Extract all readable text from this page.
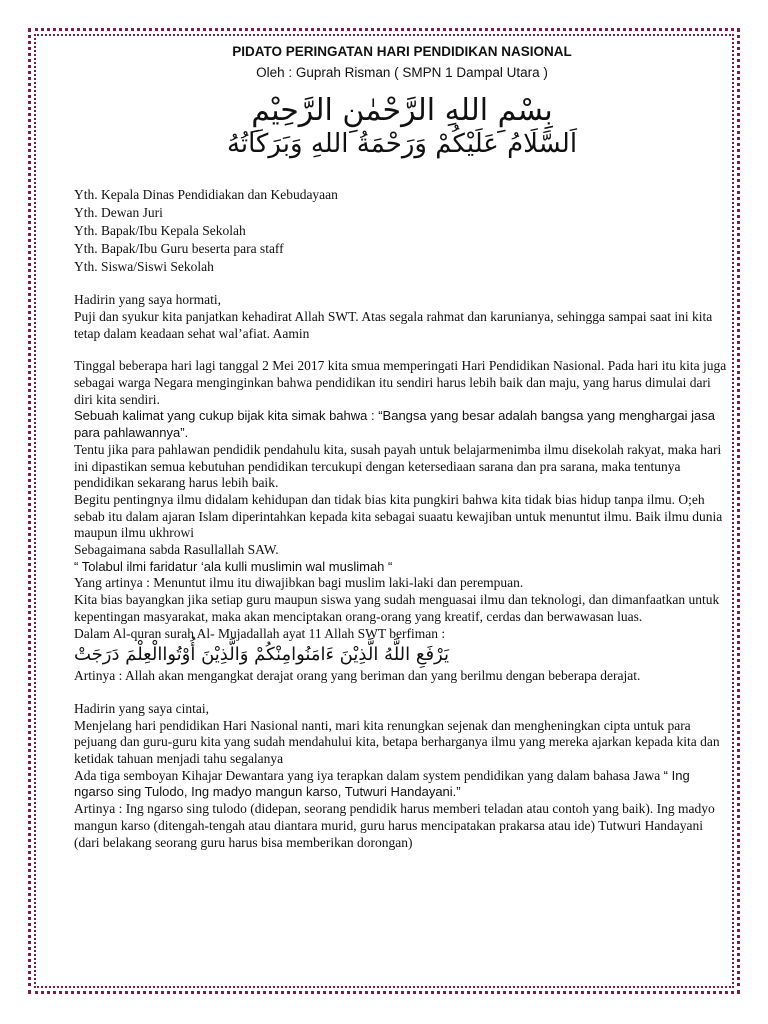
PIDATO PERINGATAN HARI PENDIDIKAN NASIONAL
Oleh : Guprah Risman ( SMPN 1 Dampal Utara )
بِسْمِ اللهِ الرَّحْمٰنِ الرَّحِيْمِ
اَلسَّلَامُ عَلَيْكُمْ وَرَحْمَةُ اللهِ وَبَرَكَاتُهُ
Yth. Kepala Dinas Pendidiakan dan Kebudayaan
Yth. Dewan Juri
Yth. Bapak/Ibu Kepala Sekolah
Yth. Bapak/Ibu Guru beserta para staff
Yth. Siswa/Siswi Sekolah
Hadirin yang saya hormati,
Puji dan syukur kita panjatkan kehadirat Allah SWT. Atas segala rahmat dan karunianya, sehingga sampai saat ini kita tetap dalam keadaan sehat wal’afiat. Aamin
Tinggal beberapa hari lagi tanggal 2 Mei 2017 kita smua memperingati Hari Pendidikan Nasional. Pada hari itu kita juga sebagai warga Negara menginginkan bahwa pendidikan itu sendiri harus lebih baik dan maju, yang harus dimulai dari diri kita sendiri.
Sebuah kalimat yang cukup bijak kita simak bahwa : “Bangsa yang besar adalah bangsa yang menghargai jasa para pahlawannya”.
Tentu jika para pahlawan pendidik pendahulu kita, susah payah untuk belajarmenimba ilmu disekolah rakyat, maka hari ini dipastikan semua kebutuhan pendidikan tercukupi dengan ketersediaan sarana dan pra sarana, maka tentunya pendidikan sekarang harus lebih baik.
Begitu pentingnya ilmu didalam kehidupan dan tidak bias kita pungkiri bahwa kita tidak bias hidup tanpa ilmu. O;eh sebab itu dalam ajaran Islam diperintahkan kepada kita sebagai suaatu kewajiban untuk menuntut ilmu. Baik ilmu dunia maupun ilmu ukhrowi
Sebagaimana sabda Rasullallah SAW.
“ Tolabul ilmi faridatur ‘ala kulli muslimin wal muslimah “
Yang artinya : Menuntut ilmu itu diwajibkan bagi muslim laki-laki dan perempuan.
Kita bias bayangkan jika setiap guru maupun siswa yang sudah menguasai ilmu dan teknologi, dan dimanfaatkan untuk kepentingan masyarakat, maka akan menciptakan orang-orang yang kreatif, cerdas dan berwawasan luas.
Dalam Al-quran surah Al- Mujadallah ayat 11 Allah SWT berfiman :
يَرْفَعِ اللَّهُ الَّذِيْنَ ءَامَنُوامِنْكُمْ وَالَّذِيْنَ أُوْتُواالْعِلْمَ دَرَجَتْ
Artinya : Allah akan mengangkat derajat orang yang beriman dan yang berilmu dengan beberapa derajat.
Hadirin yang saya cintai,
Menjelang hari pendidikan Hari Nasional nanti, mari kita renungkan sejenak dan mengheningkan cipta untuk para pejuang dan guru-guru kita yang sudah mendahului kita, betapa berharganya ilmu yang mereka ajarkan kepada kita dan ketidak tahuan menjadi tahu segalanya
Ada tiga semboyan Kihajar Dewantara yang iya terapkan dalam system pendidikan yang dalam bahasa Jawa “ Ing ngarso sing Tulodo, Ing madyo mangun karso, Tutwuri Handayani.”
Artinya : Ing ngarso sing tulodo (didepan, seorang pendidik harus memberi teladan atau contoh yang baik). Ing madyo mangun karso (ditengah-tengah atau diantara murid, guru harus mencipatakan prakarsa atau ide) Tutwuri Handayani (dari belakang seorang guru harus bisa memberikan dorongan)
